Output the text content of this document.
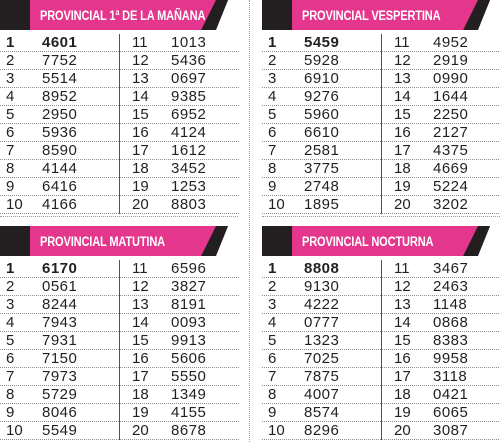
PROVINCIAL 1ª DE LA MAÑANA
1	4601
2	7752
3	5514
4	8952
5	2950
6	5936
7	8590
8	4144
9	6416
10	4166
11	1013
12	5436
13	0697
14	9385
15	6952
16	4124
17	1612
18	3452
19	1253
20	8803
PROVINCIAL VESPERTINA
1	5459
2	5928
3	6910
4	9276
5	5960
6	6610
7	2581
8	3775
9	2748
10	1895
11	4952
12	2919
13	0990
14	1644
15	2250
16	2127
17	4375
18	4669
19	5224
20	3202
PROVINCIAL MATUTINA
1	6170
2	0561
3	8244
4	7943
5	7931
6	7150
7	7973
8	5729
9	8046
10	5549
11	6596
12	3827
13	8191
14	0093
15	9913
16	5606
17	5550
18	1349
19	4155
20	8678
PROVINCIAL NOCTURNA
1	8808
2	9130
3	4222
4	0777
5	1323
6	7025
7	7875
8	4007
9	8574
10	8296
11	3467
12	2463
13	1148
14	0868
15	8383
16	9958
17	3118
18	0421
19	6065
20	3087
